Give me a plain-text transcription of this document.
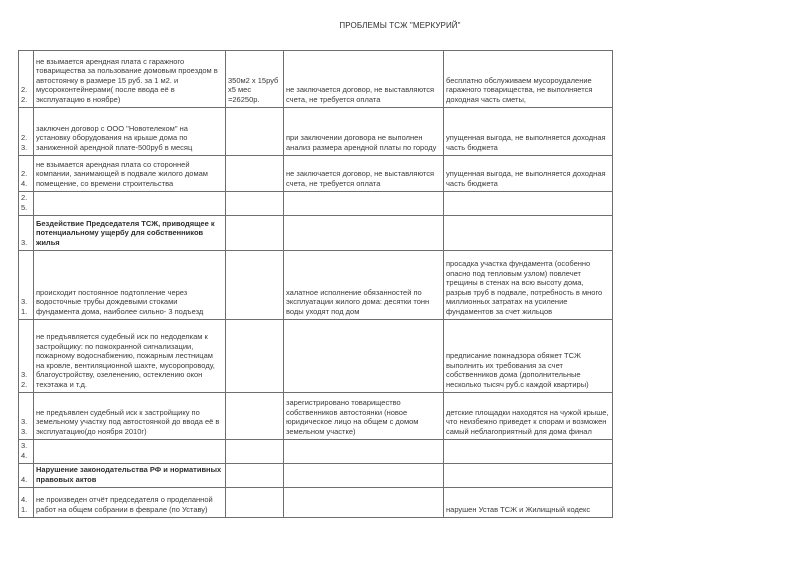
ПРОБЛЕМЫ ТСЖ "МЕРКУРИЙ"
2.2.	не взымается арендная плата с гаражного товарищества за пользование домовым проездом в автостоянку в размере 15 руб. за 1 м2. и мусороконтейнерами( после ввода её в эксплуатацию в ноябре)	350м2 х 15руб х5 мес =26250р.	не заключается договор, не выставляются счета, не требуется оплата	бесплатно обслуживаем мусороудаление гаражного товарищества, не выполняется доходная часть сметы,
2.3.	заключен договор с ООО "Новотелеком" на установку оборудования на крыше дома по заниженной арендной плате-500руб в месяц		при заключении договора не выполнен анализ размера арендной платы по городу	упущенная выгода, не выполняется доходная часть бюджета
2.4.	не взымается арендная плата со сторонней компании, занимающей в подвале жилого домам помещение, со времени строительства		не заключается договор, не выставляются счета, не требуется оплата	упущенная выгода, не выполняется доходная часть бюджета
2.5.				
3.	Бездействие Председателя ТСЖ, приводящее к потенциальному ущербу для собственников жилья			
3.1.	происходит постоянное подтопление через водосточные трубы дождевыми стоками фундамента дома, наиболее сильно- 3 подъезд		халатное исполнение обязанностей по эксплуатации жилого дома: десятки тонн воды уходят под дом	просадка участка фундамента (особенно опасно под тепловым узлом) повлечет трещины в стенах на всю высоту дома, разрыв труб в подвале, потребность в много миллионных затратах на усиление фундаментов за счет жильцов
3.2.	не предъявляется судебный иск по недоделкам к застройщику: по пожохранной сигнализации, пожарному водоснабжению, пожарным лестницам на кровле, вентиляционной шахте, мусоропроводу, благоустройству, озеленению, остеклению окон техэтажа и т.д.			предписание пожнадзора обяжет ТСЖ выполнить их требования за счет собственников дома (дополнительные несколько тысяч руб.с каждой квартиры)
3.3.	не предъявлен судебный иск к застройщику по земельному участку под автостоянкой до ввода её в эксплуатацию(до ноября 2010г)		зарегистрировано товарищество собственников автостоянки (новое юридическое лицо на общем с домом земельном участке)	детские площадки находятся на чужой крыше, что неизбежно приведет к спорам и возможен самый неблагоприятный для дома финал
3.4.				
4.	Нарушение законодательства РФ и нормативных правовых актов			
4.1.	не произведен отчёт председателя о проделанной работ на общем собрании в феврале (по Уставу)			нарушен Устав ТСЖ и Жилищный кодекс
